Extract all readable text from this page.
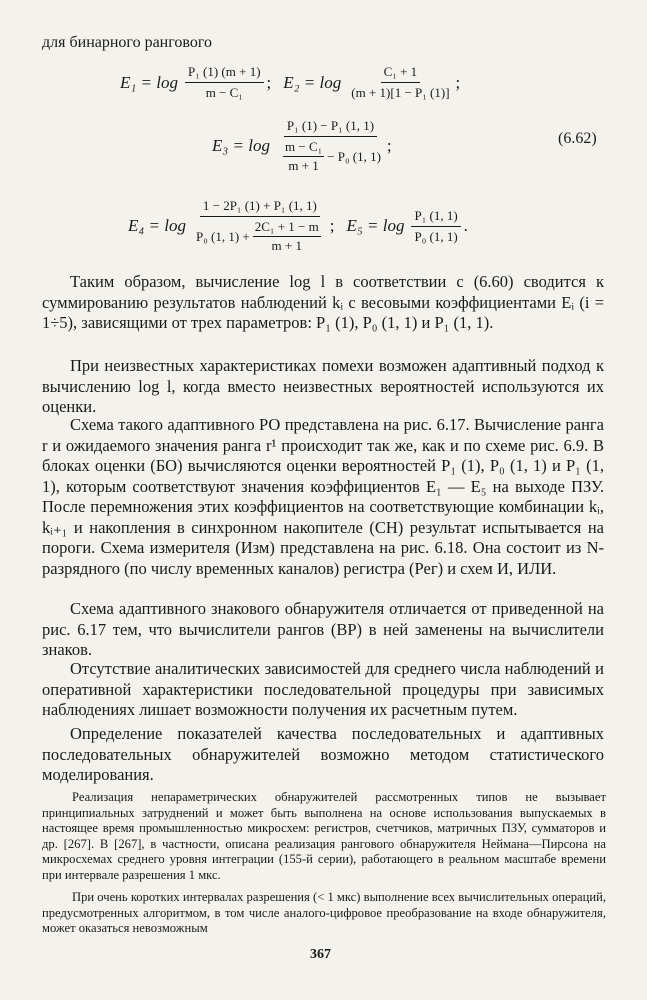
для бинарного рангового
$E_1 = \log \frac{\text{P₁ (1) (m + 1)}}{\text{m − C₁}}$ ; $E_2 = \log \frac{\text{C₁ + 1}}{\text{(m + 1)[1 − P₁ (1)]}}$ ;
$E_3 = \log \frac{\text{P₁ (1) − P₁ (1, 1)}}{\frac{\text{m − C₁}}{m + 1} - P_0 (1, 1)}$ ;	(6.62)
$E_4 = \log \frac{\text{1 − 2P₁ (1) + P₁ (1, 1)}}{P_0 (1, 1) + \frac{\text{2C₁ + 1 − m}}{m + 1}}$ ; $E_5 = \log \frac{\text{P₁ (1, 1)}}{\text{P₀ (1, 1)}}$ .

Таким образом, вычисление log l в соответствии с (6.60) сводится к суммированию результатов наблюдений kᵢ с весовыми коэффициентами Eᵢ (i = 1÷5), зависящими от трех параметров: P₁ (1), P₀ (1, 1) и P₁ (1, 1).

При неизвестных характеристиках помехи возможен адаптивный подход к вычислению log l, когда вместо неизвестных вероятностей используются их оценки.

Схема такого адаптивного РО представлена на рис. 6.17. Вычисление ранга r и ожидаемого значения ранга r¹ происходит так же, как и по схеме рис. 6.9. В блоках оценки (БО) вычисляются оценки вероятностей P₁ (1), P₀ (1, 1) и P₁ (1, 1), которым соответствуют значения коэффициентов E₁ — E₅ на выходе ПЗУ. После перемножения этих коэффициентов на соответствующие комбинации kᵢ, kᵢ₊₁ и накопления в синхронном накопителе (СН) результат испытывается на пороги. Схема измерителя (Изм) представлена на рис. 6.18. Она состоит из N-разрядного (по числу временных каналов) регистра (Рег) и схем И, ИЛИ.

Схема адаптивного знакового обнаружителя отличается от приведенной на рис. 6.17 тем, что вычислители рангов (ВР) в ней заменены на вычислители знаков.

Отсутствие аналитических зависимостей для среднего числа наблюдений и оперативной характеристики последовательной процедуры при зависимых наблюдениях лишает возможности получения их расчетным путем.

Определение показателей качества последовательных и адаптивных последовательных обнаружителей возможно методом статистического моделирования.

Реализация непараметрических обнаружителей рассмотренных типов не вызывает принципиальных затруднений и может быть выполнена на основе использования выпускаемых в настоящее время промышленностью микросхем: регистров, счетчиков, матричных ПЗУ, сумматоров и др. [267]. В [267], в частности, описана реализация рангового обнаружителя Неймана—Пирсона на микросхемах среднего уровня интеграции (155-й серии), работающего в реальном масштабе времени при интервале разрешения 1 мкс.

При очень коротких интервалах разрешения (< 1 мкс) выполнение всех вычислительных операций, предусмотренных алгоритмом, в том числе аналого-цифровое преобразование на входе обнаружителя, может оказаться невозможным

367
